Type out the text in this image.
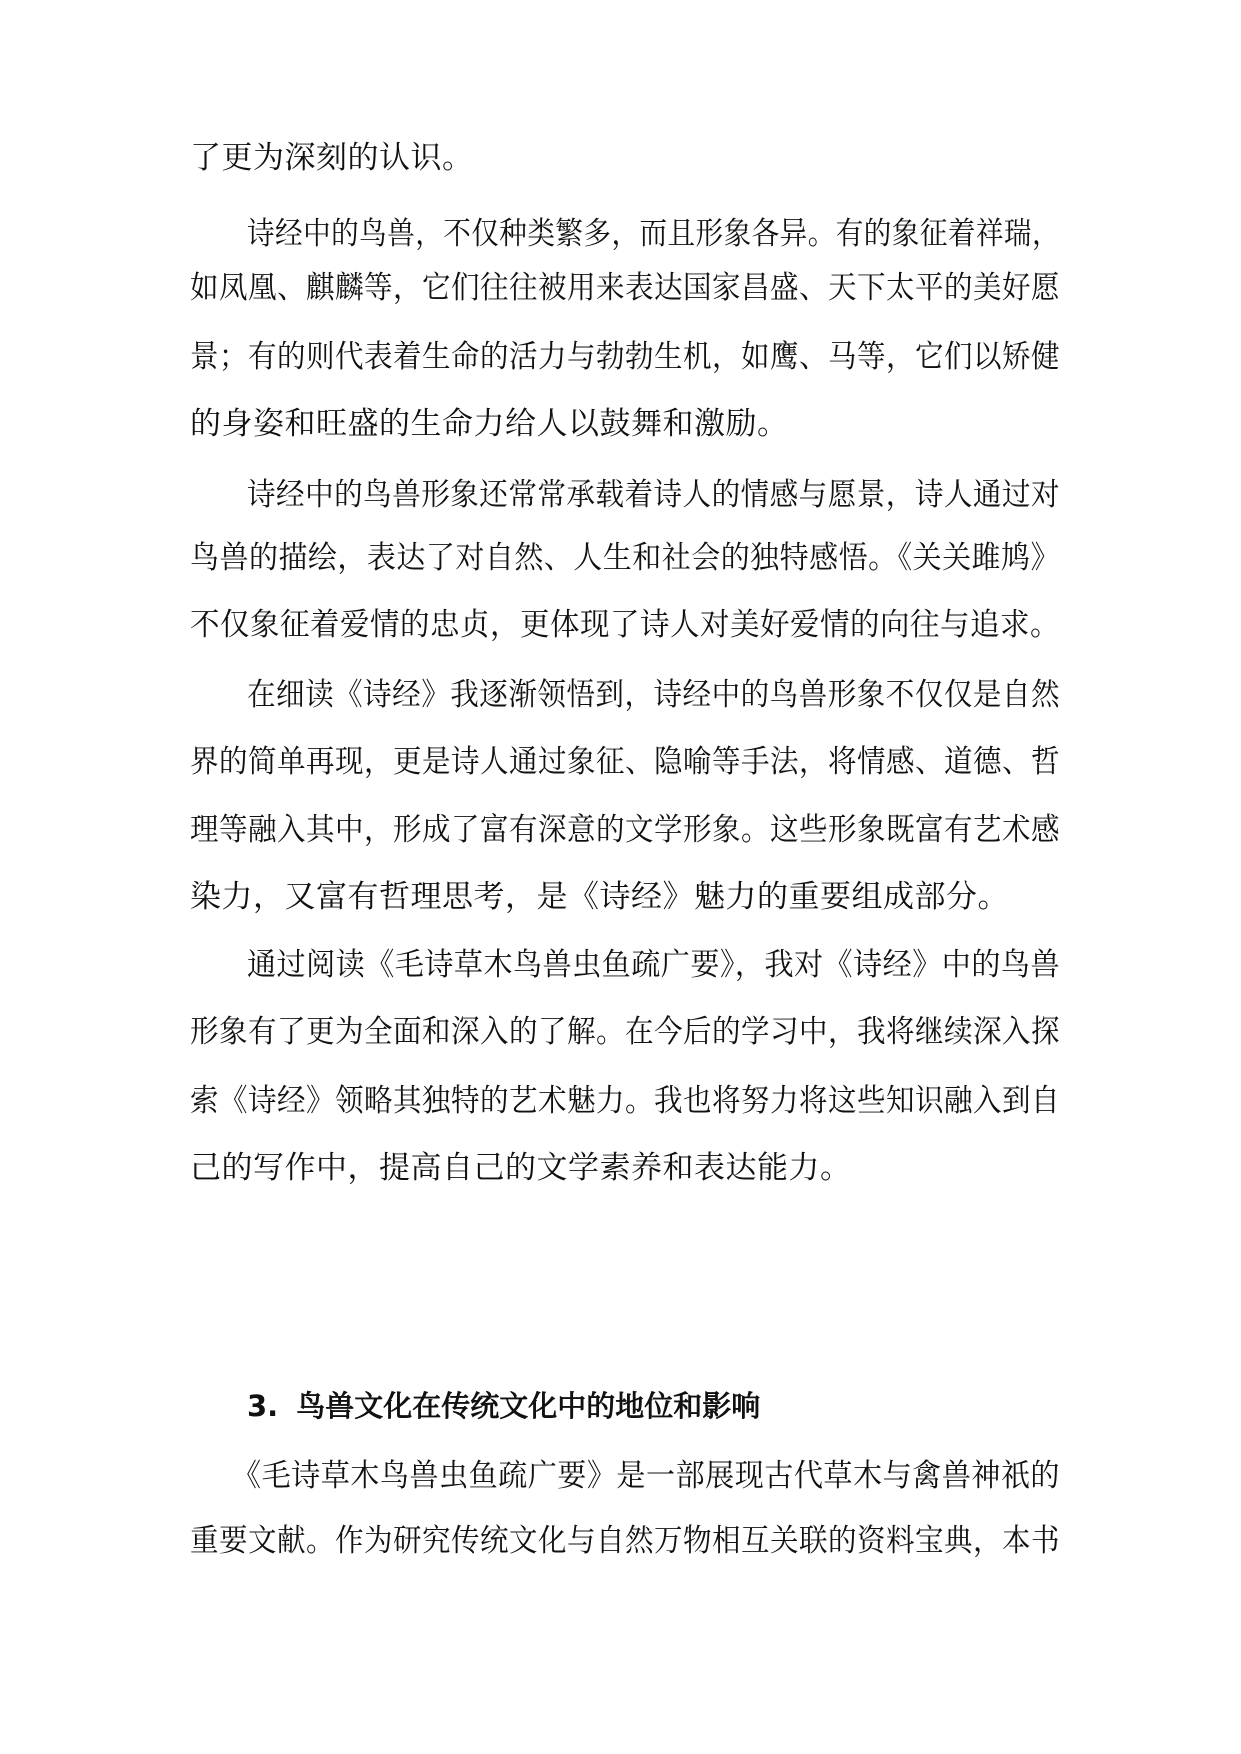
了更为深刻的认识。
诗经中的鸟兽，不仅种类繁多，而且形象各异。有的象征着祥瑞，
如凤凰、麒麟等，它们往往被用来表达国家昌盛、天下太平的美好愿
景；有的则代表着生命的活力与勃勃生机，如鹰、马等，它们以矫健
的身姿和旺盛的生命力给人以鼓舞和激励。
诗经中的鸟兽形象还常常承载着诗人的情感与愿景，诗人通过对
鸟兽的描绘，表达了对自然、人生和社会的独特感悟。《关关雎鸠》
不仅象征着爱情的忠贞，更体现了诗人对美好爱情的向往与追求。
在细读《诗经》我逐渐领悟到，诗经中的鸟兽形象不仅仅是自然
界的简单再现，更是诗人通过象征、隐喻等手法，将情感、道德、哲
理等融入其中，形成了富有深意的文学形象。这些形象既富有艺术感
染力，又富有哲理思考，是《诗经》魅力的重要组成部分。
通过阅读《毛诗草木鸟兽虫鱼疏广要》，我对《诗经》中的鸟兽
形象有了更为全面和深入的了解。在今后的学习中，我将继续深入探
索《诗经》领略其独特的艺术魅力。我也将努力将这些知识融入到自
己的写作中，提高自己的文学素养和表达能力。
3. 鸟兽文化在传统文化中的地位和影响
《毛诗草木鸟兽虫鱼疏广要》是一部展现古代草木与禽兽神祇的
重要文献。作为研究传统文化与自然万物相互关联的资料宝典，本书
